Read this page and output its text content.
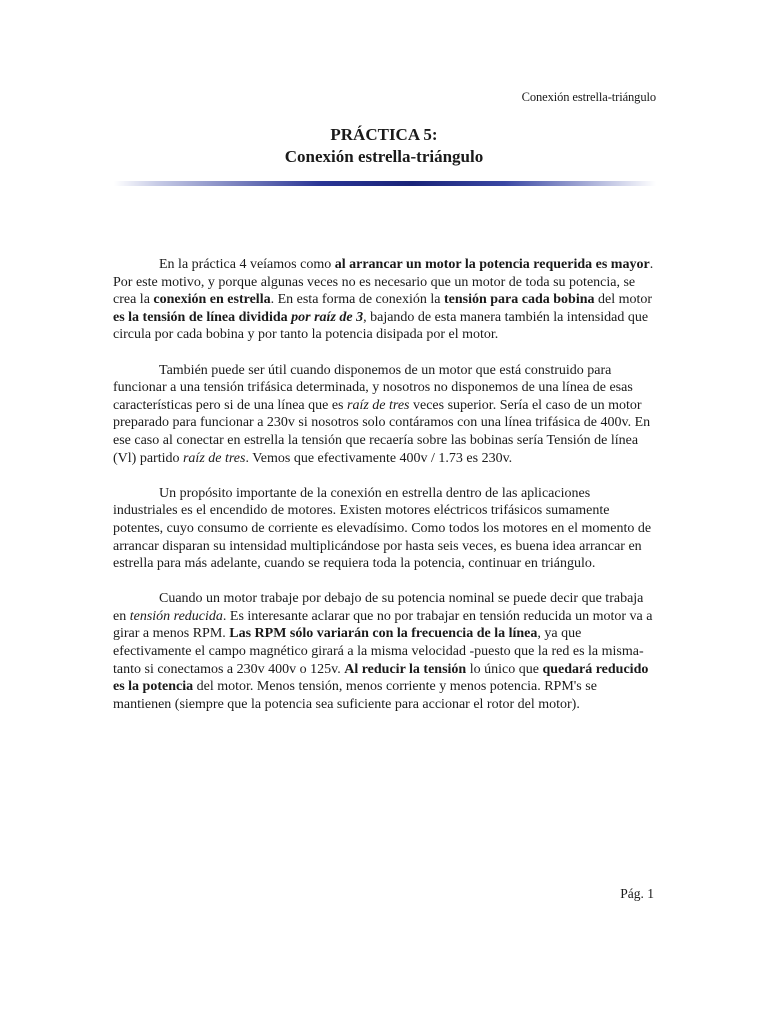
Conexión estrella-triángulo
PRÁCTICA 5:
Conexión estrella-triángulo

En la práctica 4 veíamos como al arrancar un motor la potencia requerida es mayor. Por este motivo, y porque algunas veces no es necesario que un motor de toda su potencia, se crea la conexión en estrella. En esta forma de conexión la tensión para cada bobina del motor es la tensión de línea dividida por raíz de 3, bajando de esta manera también la intensidad que circula por cada bobina y por tanto la potencia disipada por el motor.

También puede ser útil cuando disponemos de un motor que está construido para funcionar a una tensión trifásica determinada, y nosotros no disponemos de una línea de esas características pero si de una línea que es raíz de tres veces superior. Sería el caso de un motor preparado para funcionar a 230v si nosotros solo contáramos con una línea trifásica de 400v. En ese caso al conectar en estrella la tensión que recaería sobre las bobinas sería Tensión de línea (Vl) partido raíz de tres. Vemos que efectivamente 400v / 1.73 es 230v.

Un propósito importante de la conexión en estrella dentro de las aplicaciones industriales es el encendido de motores. Existen motores eléctricos trifásicos sumamente potentes, cuyo consumo de corriente es elevadísimo. Como todos los motores en el momento de arrancar disparan su intensidad multiplicándose por hasta seis veces, es buena idea arrancar en estrella para más adelante, cuando se requiera toda la potencia, continuar en triángulo.

Cuando un motor trabaje por debajo de su potencia nominal se puede decir que trabaja en tensión reducida. Es interesante aclarar que no por trabajar en tensión reducida un motor va a girar a menos RPM. Las RPM sólo variarán con la frecuencia de la línea, ya que efectivamente el campo magnético girará a la misma velocidad -puesto que la red es la misma- tanto si conectamos a 230v 400v o 125v. Al reducir la tensión lo único que quedará reducido es la potencia del motor. Menos tensión, menos corriente y menos potencia. RPM's se mantienen (siempre que la potencia sea suficiente para accionar el rotor del motor).

Pág. 1
